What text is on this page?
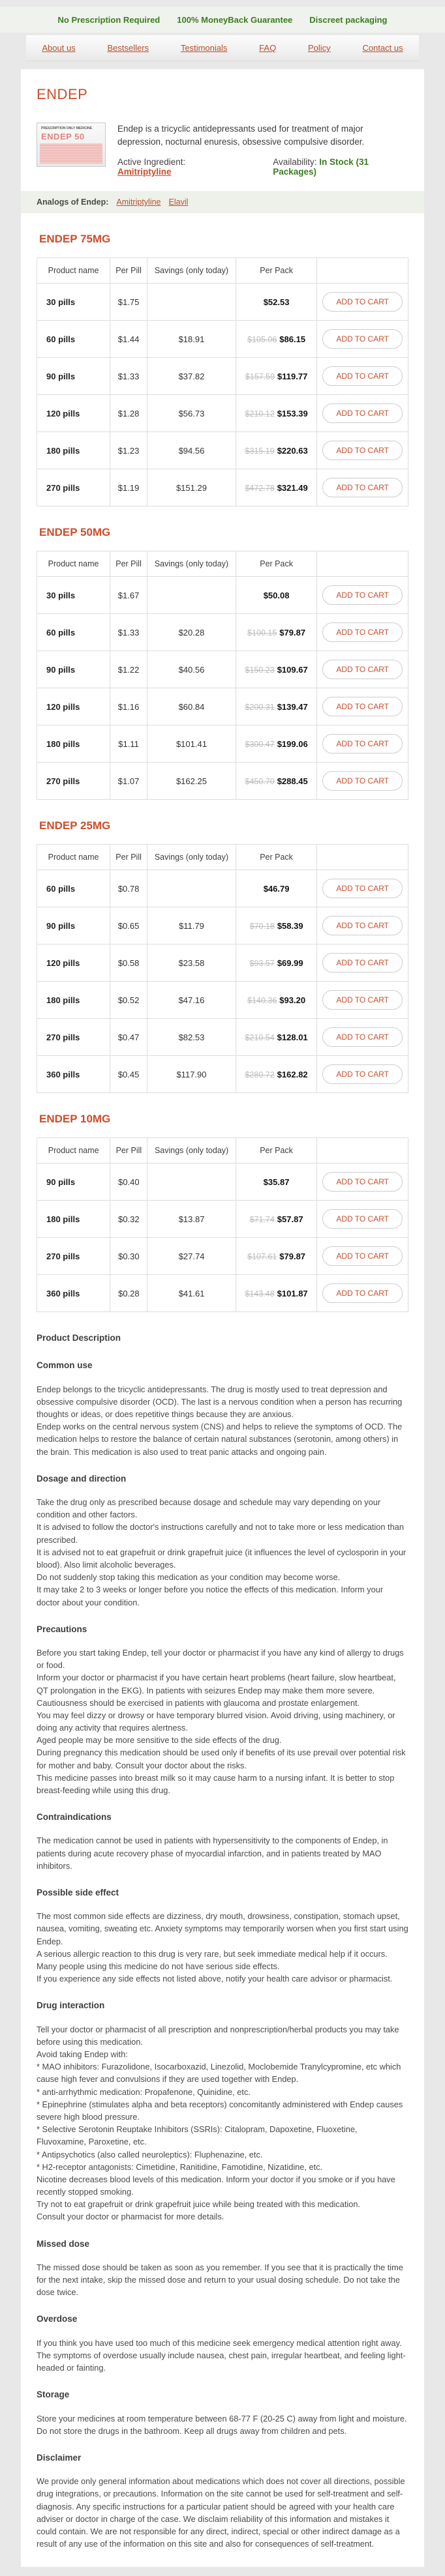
No Prescription Required 100% MoneyBack Guarantee Discreet packaging
About us	Bestsellers	Testimonials	FAQ	Policy	Contact us
ENDEP
PRESCRIPTION ONLY MEDICINE
ENDEP 50
Endep is a tricyclic antidepressants used for treatment of major depression, nocturnal enuresis, obsessive compulsive disorder.
Active Ingredient: Amitriptyline
Availability: In Stock (31 Packages)
Analogs of Endep: Amitriptyline Elavil
ENDEP 75MG
Product name	Per Pill	Savings (only today)	Per Pack	
30 pills	$1.75		$52.53	ADD TO CART
60 pills	$1.44	$18.91	$105.06 $86.15	ADD TO CART
90 pills	$1.33	$37.82	$157.59 $119.77	ADD TO CART
120 pills	$1.28	$56.73	$210.12 $153.39	ADD TO CART
180 pills	$1.23	$94.56	$315.19 $220.63	ADD TO CART
270 pills	$1.19	$151.29	$472.78 $321.49	ADD TO CART
ENDEP 50MG
Product name	Per Pill	Savings (only today)	Per Pack	
30 pills	$1.67		$50.08	ADD TO CART
60 pills	$1.33	$20.28	$100.15 $79.87	ADD TO CART
90 pills	$1.22	$40.56	$150.23 $109.67	ADD TO CART
120 pills	$1.16	$60.84	$200.31 $139.47	ADD TO CART
180 pills	$1.11	$101.41	$300.47 $199.06	ADD TO CART
270 pills	$1.07	$162.25	$450.70 $288.45	ADD TO CART
ENDEP 25MG
Product name	Per Pill	Savings (only today)	Per Pack	
60 pills	$0.78		$46.79	ADD TO CART
90 pills	$0.65	$11.79	$70.18 $58.39	ADD TO CART
120 pills	$0.58	$23.58	$93.57 $69.99	ADD TO CART
180 pills	$0.52	$47.16	$140.36 $93.20	ADD TO CART
270 pills	$0.47	$82.53	$210.54 $128.01	ADD TO CART
360 pills	$0.45	$117.90	$280.72 $162.82	ADD TO CART
ENDEP 10MG
Product name	Per Pill	Savings (only today)	Per Pack	
90 pills	$0.40		$35.87	ADD TO CART
180 pills	$0.32	$13.87	$71.74 $57.87	ADD TO CART
270 pills	$0.30	$27.74	$107.61 $79.87	ADD TO CART
360 pills	$0.28	$41.61	$143.48 $101.87	ADD TO CART
Product Description
Common use

Endep belongs to the tricyclic antidepressants. The drug is mostly used to treat depression and obsessive compulsive disorder (OCD). The last is a nervous condition when a person has recurring thoughts or ideas, or does repetitive things because they are anxious.

Endep works on the central nervous system (CNS) and helps to relieve the symptoms of OCD. The medication helps to restore the balance of certain natural substances (serotonin, among others) in the brain. This medication is also used to treat panic attacks and ongoing pain.

Dosage and direction

Take the drug only as prescribed because dosage and schedule may vary depending on your condition and other factors.

It is advised to follow the doctor's instructions carefully and not to take more or less medication than prescribed.

It is advised not to eat grapefruit or drink grapefruit juice (it influences the level of cyclosporin in your blood). Also limit alcoholic beverages.

Do not suddenly stop taking this medication as your condition may become worse.

It may take 2 to 3 weeks or longer before you notice the effects of this medication. Inform your doctor about your condition.

Precautions

Before you start taking Endep, tell your doctor or pharmacist if you have any kind of allergy to drugs or food.

Inform your doctor or pharmacist if you have certain heart problems (heart failure, slow heartbeat, QT prolongation in the EKG). In patients with seizures Endep may make them more severe. Cautiousness should be exercised in patients with glaucoma and prostate enlargement.

You may feel dizzy or drowsy or have temporary blurred vision. Avoid driving, using machinery, or doing any activity that requires alertness.

Aged people may be more sensitive to the side effects of the drug.

During pregnancy this medication should be used only if benefits of its use prevail over potential risk for mother and baby. Consult your doctor about the risks.

This medicine passes into breast milk so it may cause harm to a nursing infant. It is better to stop breast-feeding while using this drug.

Contraindications

The medication cannot be used in patients with hypersensitivity to the components of Endep, in patients during acute recovery phase of myocardial infarction, and in patients treated by MAO inhibitors.

Possible side effect

The most common side effects are dizziness, dry mouth, drowsiness, constipation, stomach upset, nausea, vomiting, sweating etc. Anxiety symptoms may temporarily worsen when you first start using Endep.

A serious allergic reaction to this drug is very rare, but seek immediate medical help if it occurs.

Many people using this medicine do not have serious side effects.

If you experience any side effects not listed above, notify your health care advisor or pharmacist.

Drug interaction

Tell your doctor or pharmacist of all prescription and nonprescription/herbal products you may take before using this medication.

Avoid taking Endep with:

* MAO inhibitors: Furazolidone, Isocarboxazid, Linezolid, Moclobemide Tranylcypromine, etc which cause high fever and convulsions if they are used together with Endep.

* anti-arrhythmic medication: Propafenone, Quinidine, etc.

* Epinephrine (stimulates alpha and beta receptors) concomitantly administered with Endep causes severe high blood pressure.

* Selective Serotonin Reuptake Inhibitors (SSRIs): Citalopram, Dapoxetine, Fluoxetine, Fluvoxamine, Paroxetine, etc.

* Antipsychotics (also called neuroleptics): Fluphenazine, etc.

* H2-receptor antagonists: Cimetidine, Ranitidine, Famotidine, Nizatidine, etc.

Nicotine decreases blood levels of this medication. Inform your doctor if you smoke or if you have recently stopped smoking.

Try not to eat grapefruit or drink grapefruit juice while being treated with this medication.

Consult your doctor or pharmacist for more details.

Missed dose

The missed dose should be taken as soon as you remember. If you see that it is practically the time for the next intake, skip the missed dose and return to your usual dosing schedule. Do not take the dose twice.

Overdose

If you think you have used too much of this medicine seek emergency medical attention right away. The symptoms of overdose usually include nausea, chest pain, irregular heartbeat, and feeling light-headed or fainting.

Storage

Store your medicines at room temperature between 68-77 F (20-25 C) away from light and moisture. Do not store the drugs in the bathroom. Keep all drugs away from children and pets.

Disclaimer

We provide only general information about medications which does not cover all directions, possible drug integrations, or precautions. Information on the site cannot be used for self-treatment and self-diagnosis. Any specific instructions for a particular patient should be agreed with your health care adviser or doctor in charge of the case. We disclaim reliability of this information and mistakes it could contain. We are not responsible for any direct, indirect, special or other indirect damage as a result of any use of the information on this site and also for consequences of self-treatment.
